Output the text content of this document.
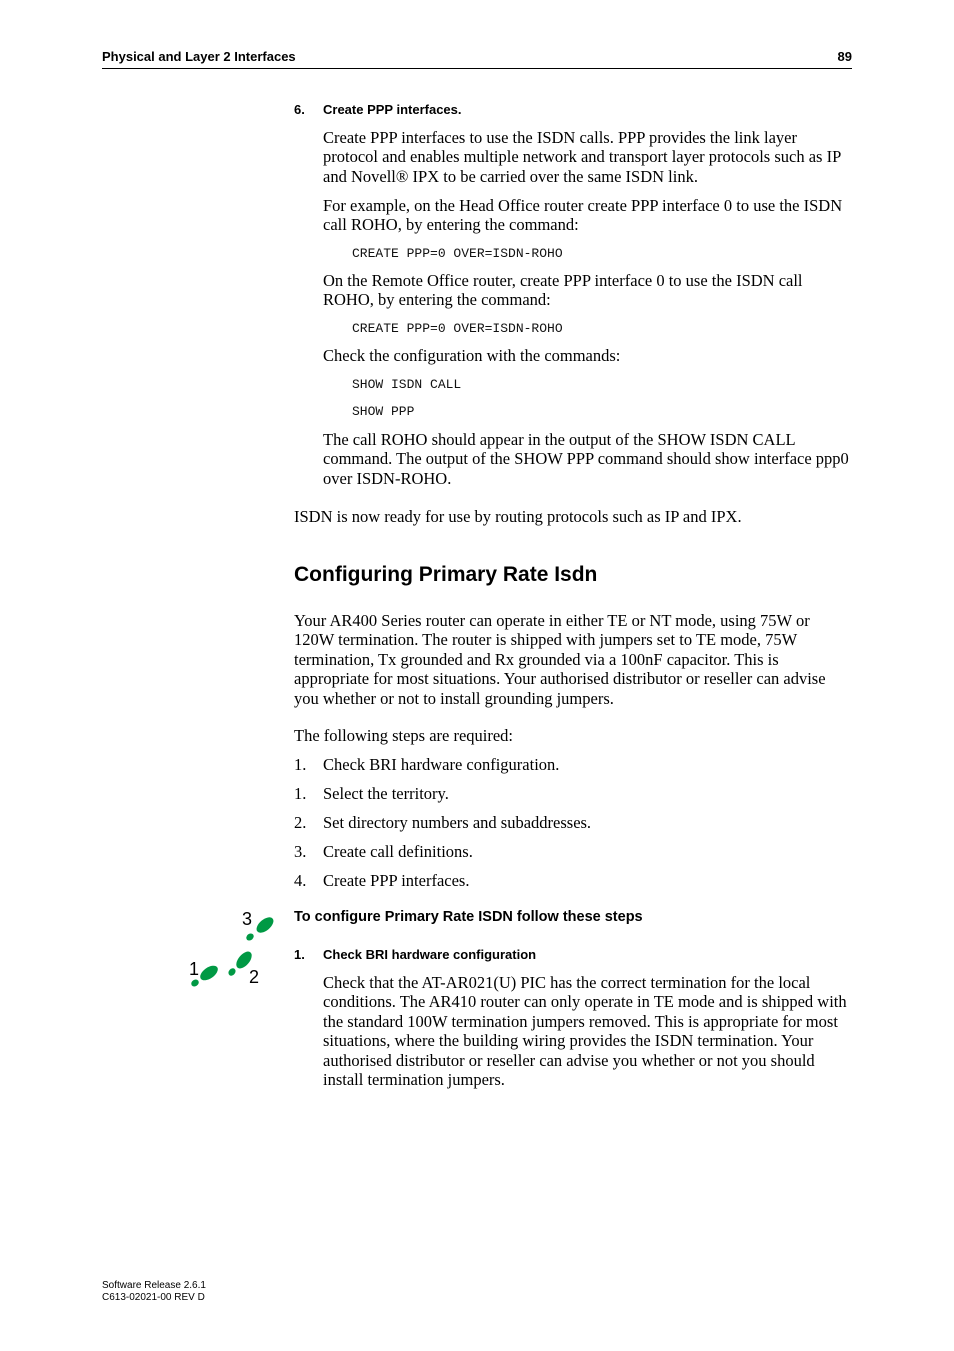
Physical and Layer 2 Interfaces	89
6. Create PPP interfaces.
Create PPP interfaces to use the ISDN calls. PPP provides the link layer protocol and enables multiple network and transport layer protocols such as IP and Novell® IPX to be carried over the same ISDN link.
For example, on the Head Office router create PPP interface 0 to use the ISDN call ROHO, by entering the command:
CREATE PPP=0 OVER=ISDN-ROHO
On the Remote Office router, create PPP interface 0 to use the ISDN call ROHO, by entering the command:
CREATE PPP=0 OVER=ISDN-ROHO
Check the configuration with the commands:
SHOW ISDN CALL
SHOW PPP
The call ROHO should appear in the output of the SHOW ISDN CALL command. The output of the SHOW PPP command should show interface ppp0 over ISDN-ROHO.
ISDN is now ready for use by routing protocols such as IP and IPX.
Configuring Primary Rate Isdn
Your AR400 Series router can operate in either TE or NT mode, using 75W or 120W termination. The router is shipped with jumpers set to TE mode, 75W termination, Tx grounded and Rx grounded via a 100nF capacitor. This is appropriate for most situations. Your authorised distributor or reseller can advise you whether or not to install grounding jumpers.
The following steps are required:
1. Check BRI hardware configuration.
1. Select the territory.
2. Set directory numbers and subaddresses.
3. Create call definitions.
4. Create PPP interfaces.
3
2
1
To configure Primary Rate ISDN follow these steps
1. Check BRI hardware configuration
Check that the AT-AR021(U) PIC has the correct termination for the local conditions. The AR410 router can only operate in TE mode and is shipped with the standard 100W termination jumpers removed. This is appropriate for most situations, where the building wiring provides the ISDN termination. Your authorised distributor or reseller can advise you whether or not you should install termination jumpers.
Software Release 2.6.1
C613-02021-00 REV D
